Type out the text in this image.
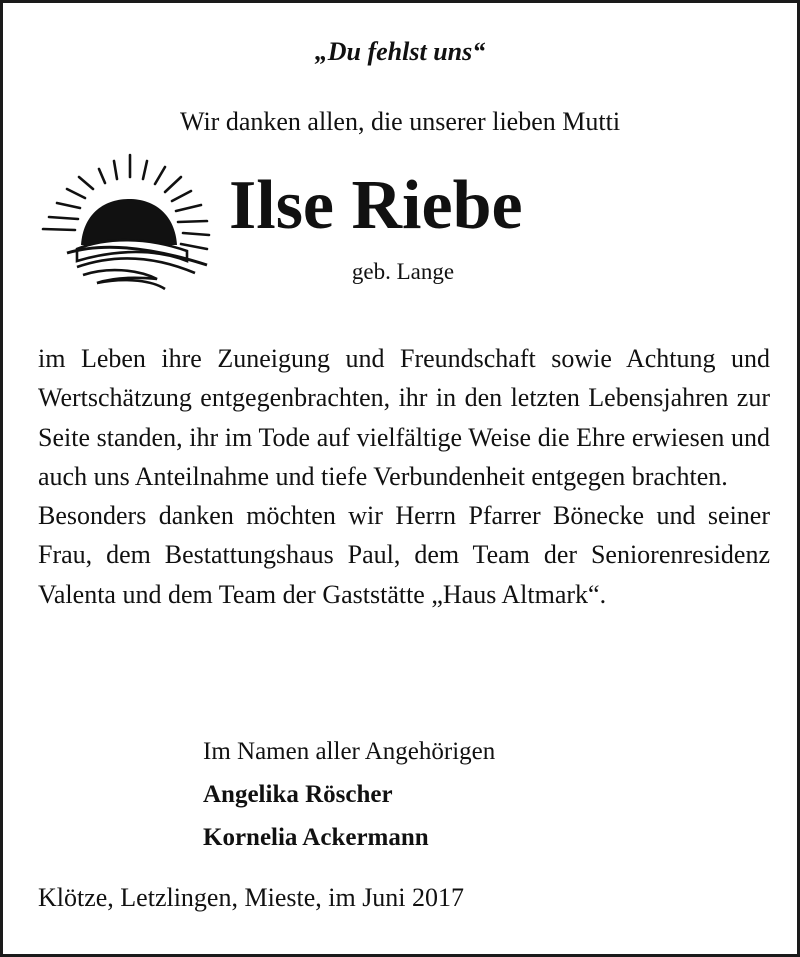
„Du fehlst uns“
Wir danken allen, die unserer lieben Mutti
Ilse Riebe
geb. Lange

im Leben ihre Zuneigung und Freundschaft sowie Achtung und Wertschätzung entgegenbrachten, ihr in den letzten Lebensjahren zur Seite standen, ihr im Tode auf vielfältige Weise die Ehre erwiesen und auch uns Anteilnahme und tiefe Verbundenheit entgegen brachten.

Besonders danken möchten wir Herrn Pfarrer Bönecke und seiner Frau, dem Bestattungshaus Paul, dem Team der Seniorenresidenz Valenta und dem Team der Gaststätte „Haus Altmark“.

Im Namen aller Angehörigen
Angelika Röscher
Kornelia Ackermann
Klötze, Letzlingen, Mieste, im Juni 2017
